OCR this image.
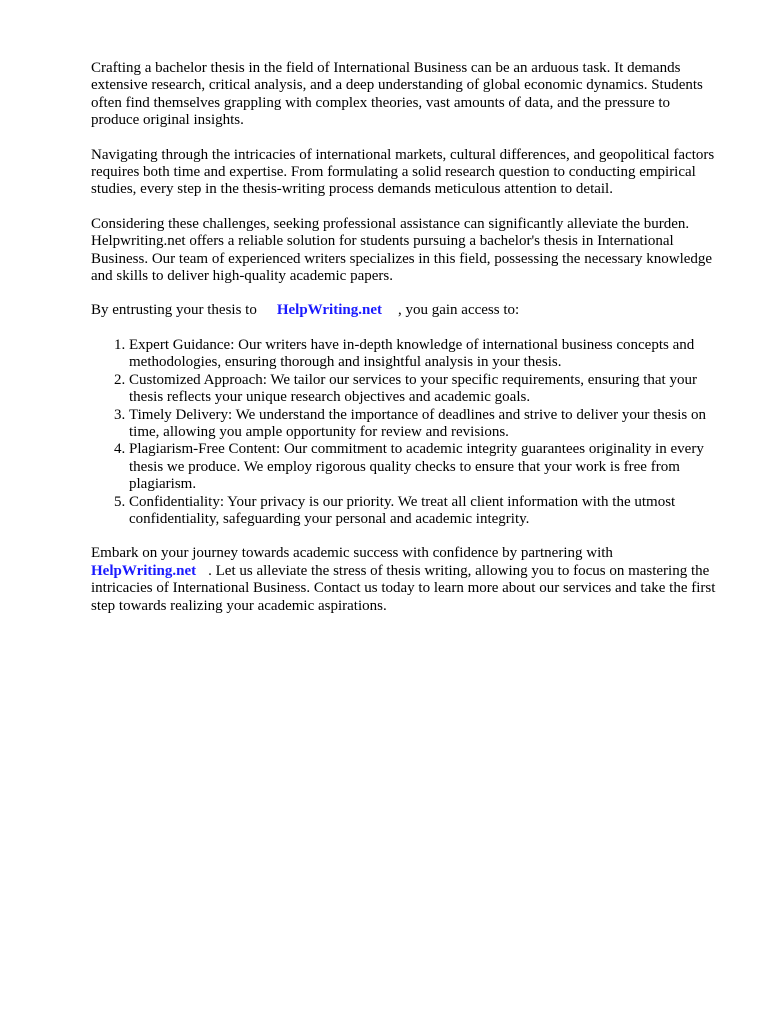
Crafting a bachelor thesis in the field of International Business can be an arduous task. It demands extensive research, critical analysis, and a deep understanding of global economic dynamics. Students often find themselves grappling with complex theories, vast amounts of data, and the pressure to produce original insights.

Navigating through the intricacies of international markets, cultural differences, and geopolitical factors requires both time and expertise. From formulating a solid research question to conducting empirical studies, every step in the thesis-writing process demands meticulous attention to detail.

Considering these challenges, seeking professional assistance can significantly alleviate the burden. Helpwriting.net offers a reliable solution for students pursuing a bachelor's thesis in International Business. Our team of experienced writers specializes in this field, possessing the necessary knowledge and skills to deliver high-quality academic papers.

By entrusting your thesis to HelpWriting.net , you gain access to:

1. Expert Guidance: Our writers have in-depth knowledge of international business concepts and methodologies, ensuring thorough and insightful analysis in your thesis.
2. Customized Approach: We tailor our services to your specific requirements, ensuring that your thesis reflects your unique research objectives and academic goals.
3. Timely Delivery: We understand the importance of deadlines and strive to deliver your thesis on time, allowing you ample opportunity for review and revisions.
4. Plagiarism-Free Content: Our commitment to academic integrity guarantees originality in every thesis we produce. We employ rigorous quality checks to ensure that your work is free from plagiarism.
5. Confidentiality: Your privacy is our priority. We treat all client information with the utmost confidentiality, safeguarding your personal and academic integrity.

Embark on your journey towards academic success with confidence by partnering with
HelpWriting.net . Let us alleviate the stress of thesis writing, allowing you to focus on mastering the intricacies of International Business. Contact us today to learn more about our services and take the first step towards realizing your academic aspirations.
